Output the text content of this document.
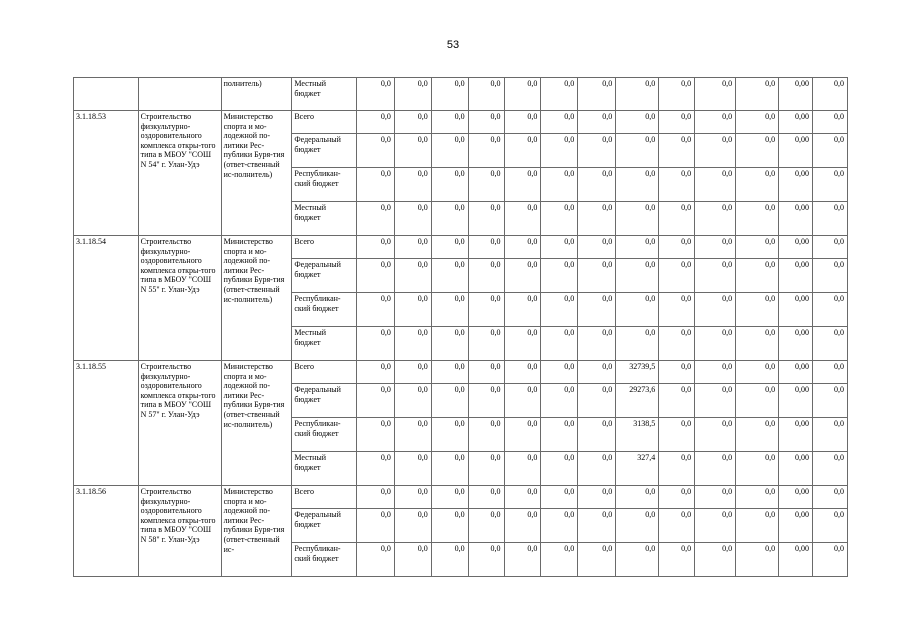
53
		полнитель)	Местный бюджет	0,0	0,0	0,0	0,0	0,0	0,0	0,0	0,0	0,0	0,0	0,0	0,00	0,0
3.1.18.53	Строительство физкультурно-оздоровительного комплекса откры-того типа в МБОУ "СОШ N 54" г. Улан-Удэ	Министерство спорта и мо-лодежной по-литики Рес-публики Буря-тия (ответ-ственный ис-полнитель)	Всего	0,0	0,0	0,0	0,0	0,0	0,0	0,0	0,0	0,0	0,0	0,0	0,00	0,0
			Федеральный бюджет	0,0	0,0	0,0	0,0	0,0	0,0	0,0	0,0	0,0	0,0	0,0	0,00	0,0
			Республикан-ский бюджет	0,0	0,0	0,0	0,0	0,0	0,0	0,0	0,0	0,0	0,0	0,0	0,00	0,0
			Местный бюджет	0,0	0,0	0,0	0,0	0,0	0,0	0,0	0,0	0,0	0,0	0,0	0,00	0,0
3.1.18.54	Строительство физкультурно-оздоровительного комплекса откры-того типа в МБОУ "СОШ N 55" г. Улан-Удэ	Министерство спорта и мо-лодежной по-литики Рес-публики Буря-тия (ответ-ственный ис-полнитель)	Всего	0,0	0,0	0,0	0,0	0,0	0,0	0,0	0,0	0,0	0,0	0,0	0,00	0,0
			Федеральный бюджет	0,0	0,0	0,0	0,0	0,0	0,0	0,0	0,0	0,0	0,0	0,0	0,00	0,0
			Республикан-ский бюджет	0,0	0,0	0,0	0,0	0,0	0,0	0,0	0,0	0,0	0,0	0,0	0,00	0,0
			Местный бюджет	0,0	0,0	0,0	0,0	0,0	0,0	0,0	0,0	0,0	0,0	0,0	0,00	0,0
3.1.18.55	Строительство физкультурно-оздоровительного комплекса откры-того типа в МБОУ "СОШ N 57" г. Улан-Удэ	Министерство спорта и мо-лодежной по-литики Рес-публики Буря-тия (ответ-ственный ис-полнитель)	Всего	0,0	0,0	0,0	0,0	0,0	0,0	0,0	32739,5	0,0	0,0	0,0	0,00	0,0
			Федеральный бюджет	0,0	0,0	0,0	0,0	0,0	0,0	0,0	29273,6	0,0	0,0	0,0	0,00	0,0
			Республикан-ский бюджет	0,0	0,0	0,0	0,0	0,0	0,0	0,0	3138,5	0,0	0,0	0,0	0,00	0,0
			Местный бюджет	0,0	0,0	0,0	0,0	0,0	0,0	0,0	327,4	0,0	0,0	0,0	0,00	0,0
3.1.18.56	Строительство физкультурно-оздоровительного комплекса откры-того типа в МБОУ "СОШ N 58" г. Улан-Удэ	Министерство спорта и мо-лодежной по-литики Рес-публики Буря-тия (ответ-ственный ис-	Всего	0,0	0,0	0,0	0,0	0,0	0,0	0,0	0,0	0,0	0,0	0,0	0,00	0,0
			Федеральный бюджет	0,0	0,0	0,0	0,0	0,0	0,0	0,0	0,0	0,0	0,0	0,0	0,00	0,0
			Республикан-ский бюджет	0,0	0,0	0,0	0,0	0,0	0,0	0,0	0,0	0,0	0,0	0,0	0,00	0,0
